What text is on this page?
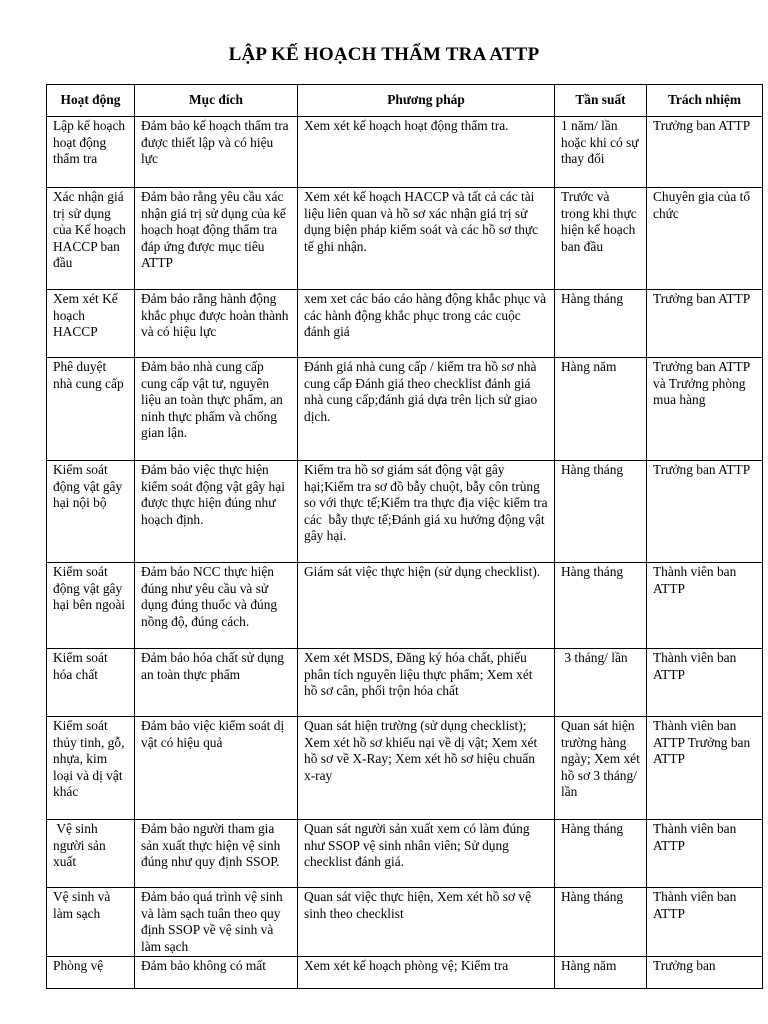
LẬP KẾ HOẠCH THẨM TRA ATTP
Hoạt động	Mục đích	Phương pháp	Tần suất	Trách nhiệm
Lập kế hoạch hoạt động thẩm tra	Đảm bảo kế hoạch thẩm tra được thiết lập và có hiệu lực	Xem xét kế hoạch hoạt động thẩm tra.	1 năm/ lần hoặc khi có sự thay đổi	Trưởng ban ATTP
Xác nhận giá trị sử dụng của Kế hoạch HACCP ban đầu	Đảm bảo rằng yêu cầu xác nhận giá trị sử dụng của kế hoạch hoạt động thẩm tra đáp ứng được mục tiêu ATTP	Xem xét kế hoạch HACCP và tất cả các tài liệu liên quan và hồ sơ xác nhận giá trị sử dụng biện pháp kiểm soát và các hồ sơ thực tế ghi nhận.	Trước và trong khi thực hiện kế hoạch ban đầu	Chuyên gia của tổ chức
Xem xét Kế hoạch HACCP	Đảm bảo rằng hành động khắc phục được hoàn thành và có hiệu lực	xem xet các báo cáo hàng động khắc phục và các hành động khắc phục trong các cuộc đánh giá	Hàng tháng	Trưởng ban ATTP
Phê duyệt nhà cung cấp	Đảm bảo nhà cung cấp cung cấp vật tư, nguyên liệu an toàn thực phẩm, an ninh thực phẩm và chống gian lận.	Đánh giá nhà cung cấp / kiểm tra hồ sơ nhà cung cấp Đánh giá theo checklist đánh giá nhà cung cấp;đánh giá dựa trên lịch sử giao dịch.	Hàng năm	Trưởng ban ATTP và Trưởng phòng mua hàng
Kiểm soát động vật gây hại nội bộ	Đảm bảo việc thực hiện kiểm soát động vật gây hại được thực hiện đúng như hoạch định.	Kiểm tra hồ sơ giám sát động vật gây hại;Kiểm tra sơ đồ bẫy chuột, bẫy côn trùng so với thực tế;Kiểm tra thực địa việc kiểm tra các  bẫy thực tế;Đánh giá xu hướng động vật gây hại.	Hàng tháng	Trưởng ban ATTP
Kiểm soát động vật gây hại bên ngoài	Đảm bảo NCC thực hiện đúng như yêu cầu và sử dụng đúng thuốc và đúng nồng độ, đúng cách.	Giám sát việc thực hiện (sử dụng checklist).	Hàng tháng	Thành viên ban ATTP
Kiểm soát hóa chất	Đảm bảo hóa chất sử dụng an toàn thực phẩm	Xem xét MSDS, Đăng ký hóa chất, phiếu phân tích nguyên liệu thực phẩm; Xem xét hồ sơ cân, phối trộn hóa chất	3 tháng/ lần	Thành viên ban ATTP
Kiểm soát thủy tinh, gỗ, nhựa, kim loại và dị vật khác	Đảm bảo việc kiểm soát dị vật có hiệu quả	Quan sát hiện trường (sử dụng checklist); Xem xét hồ sơ khiếu nại về dị vật; Xem xét hồ sơ về X-Ray; Xem xét hồ sơ hiệu chuẩn x-ray	Quan sát hiện trường hàng ngày; Xem xét hồ sơ 3 tháng/ lần	Thành viên ban ATTP Trưởng ban ATTP
Vệ sinh người sản xuất	Đảm bảo người tham gia sản xuất thực hiện vệ sinh đúng như quy định SSOP.	Quan sát người sản xuất xem có làm đúng như SSOP vệ sinh nhân viên; Sử dụng checklist đánh giá.	Hàng tháng	Thành viên ban ATTP
Vệ sinh và làm sạch	Đảm bảo quá trình vệ sinh và làm sạch tuân theo quy định SSOP về vệ sinh và làm sạch	Quan sát việc thực hiện, Xem xét hồ sơ vệ sinh theo checklist	Hàng tháng	Thành viên ban ATTP
Phòng vệ	Đảm bảo không có mất	Xem xét kế hoạch phòng vệ; Kiểm tra	Hàng năm	Trưởng ban
